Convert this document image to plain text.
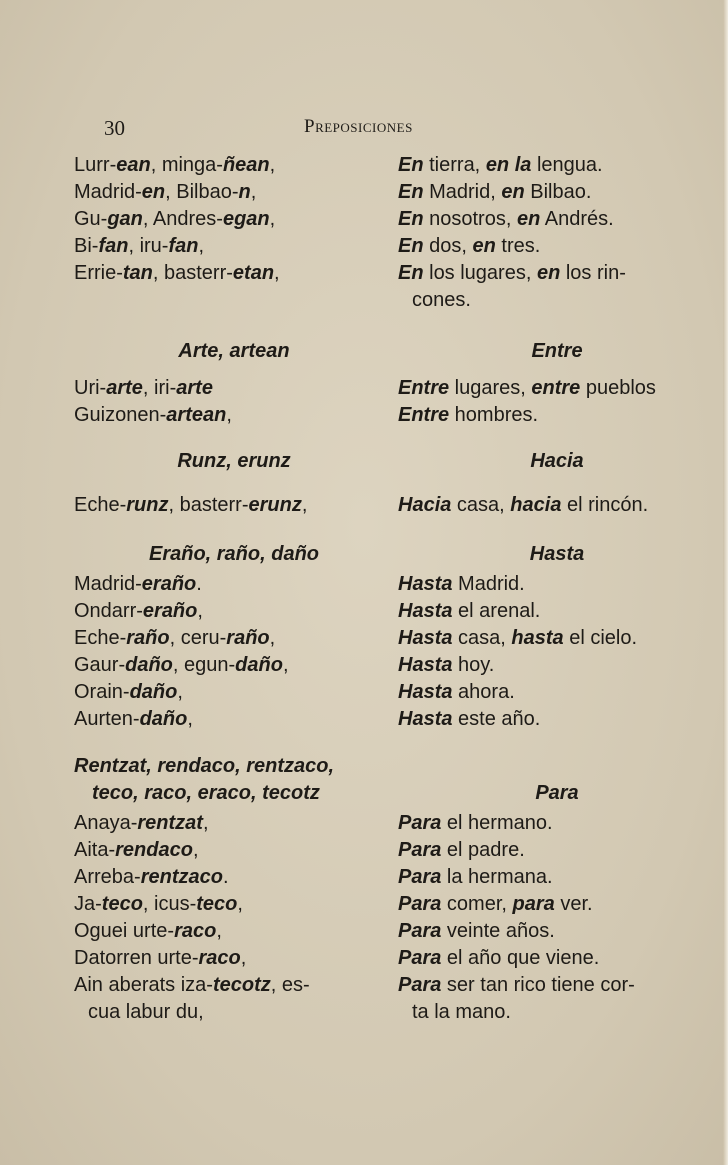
30	Preposiciones
Lurr-ean, minga-ñean,
Madrid-en, Bilbao-n,
Gu-gan, Andres-egan,
Bi-fan, iru-fan,
Errie-tan, basterr-etan,
Arte, artean
Uri-arte, iri-arte
Guizonen-artean,
Runz, erunz
Eche-runz, basterr-erunz,
Eraño, raño, daño
Madrid-eraño.
Ondarr-eraño,
Eche-raño, ceru-raño,
Gaur-daño, egun-daño,
Orain-daño,
Aurten-daño,
Rentzat, rendaco, rentzaco,
teco, raco, eraco, tecotz
Anaya-rentzat,
Aita-rendaco,
Arreba-rentzaco.
Ja-teco, icus-teco,
Oguei urte-raco,
Datorren urte-raco,
Ain aberats iza-tecotz, es-
cua labur du,
En tierra, en la lengua.
En Madrid, en Bilbao.
En nosotros, en Andrés.
En dos, en tres.
En los lugares, en los rin-
cones.
Entre
Entre lugares, entre pueblos
Entre hombres.
Hacia
Hacia casa, hacia el rincón.
Hasta
Hasta Madrid.
Hasta el arenal.
Hasta casa, hasta el cielo.
Hasta hoy.
Hasta ahora.
Hasta este año.
Para
Para el hermano.
Para el padre.
Para la hermana.
Para comer, para ver.
Para veinte años.
Para el año que viene.
Para ser tan rico tiene cor-
ta la mano.
